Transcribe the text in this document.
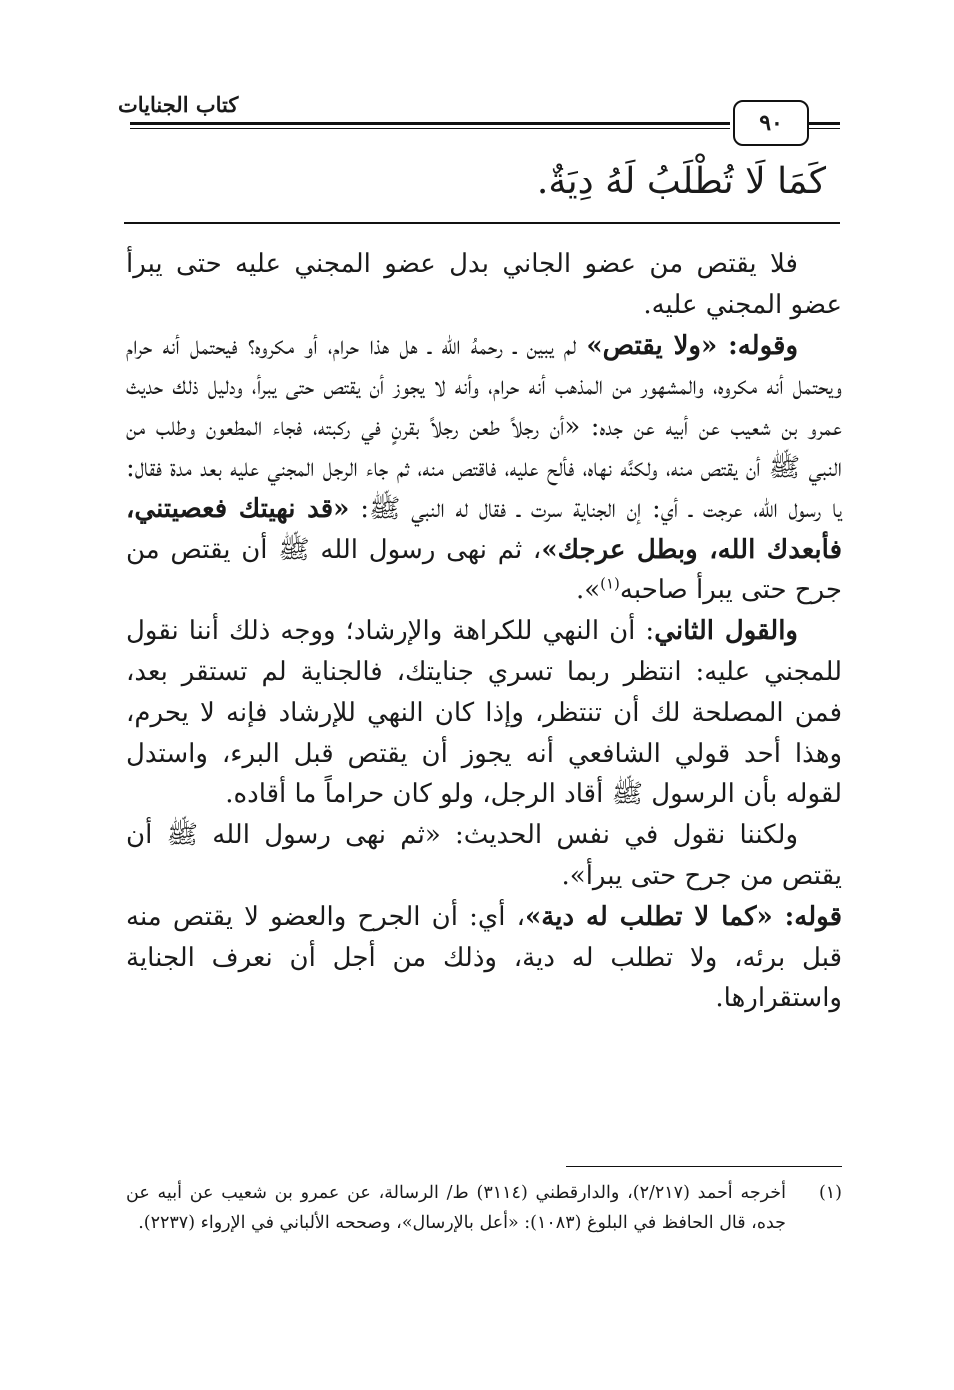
كتاب الجنايات
٩٠
كَمَا لَا تُطْلَبُ لَهُ دِيَةٌ.

فلا يقتص من عضو الجاني بدل عضو المجني عليه حتى يبرأ عضو المجني عليه.

وقوله: «ولا يقتص» لم يبين ـ رحمهُ الله ـ هل هذا حرام، أو مكروه؟ فيحتمل أنه حرام ويحتمل أنه مكروه، والمشهور من المذهب أنه حرام، وأنه لا يجوز أن يقتص حتى يبرأ، ودليل ذلك حديث عمرو بن شعيب عن أبيه عن جده: «أن رجلاً طعن رجلاً بقرنٍ في ركبته، فجاء المطعون وطلب من النبي ﷺ أن يقتص منه، ولكنَّه نهاه، فألح عليه، فاقتص منه، ثم جاء الرجل المجني عليه بعد مدة فقال: يا رسول الله، عرجت ـ أي: إن الجناية سرت ـ فقال له النبي ﷺ: «قد نهيتك فعصيتني، فأبعدك الله، وبطل عرجك»، ثم نهى رسول الله ﷺ أن يقتص من جرح حتى يبرأ صاحبه$^{(١)}$».

والقول الثاني: أن النهي للكراهة والإرشاد؛ ووجه ذلك أننا نقول للمجني عليه: انتظر ربما تسري جنايتك، فالجناية لم تستقر بعد، فمن المصلحة لك أن تنتظر، وإذا كان النهي للإرشاد فإنه لا يحرم، وهذا أحد قولي الشافعي أنه يجوز أن يقتص قبل البرء، واستدل لقوله بأن الرسول ﷺ أقاد الرجل، ولو كان حراماً ما أقاده.

ولكننا نقول في نفس الحديث: «ثم نهى رسول الله ﷺ أن يقتص من جرح حتى يبرأ».

قوله: «كما لا تطلب له دية»، أي: أن الجرح والعضو لا يقتص منه قبل برئه، ولا تطلب له دية، وذلك من أجل أن نعرف الجناية واستقرارها.

(١)
أخرجه أحمد (٢/٢١٧)، والدارقطني (٣١١٤) ط/ الرسالة، عن عمرو بن شعيب عن أبيه عن جده، قال الحافظ في البلوغ (١٠٨٣): «أعل بالإرسال»، وصححه الألباني في الإرواء (٢٢٣٧).
